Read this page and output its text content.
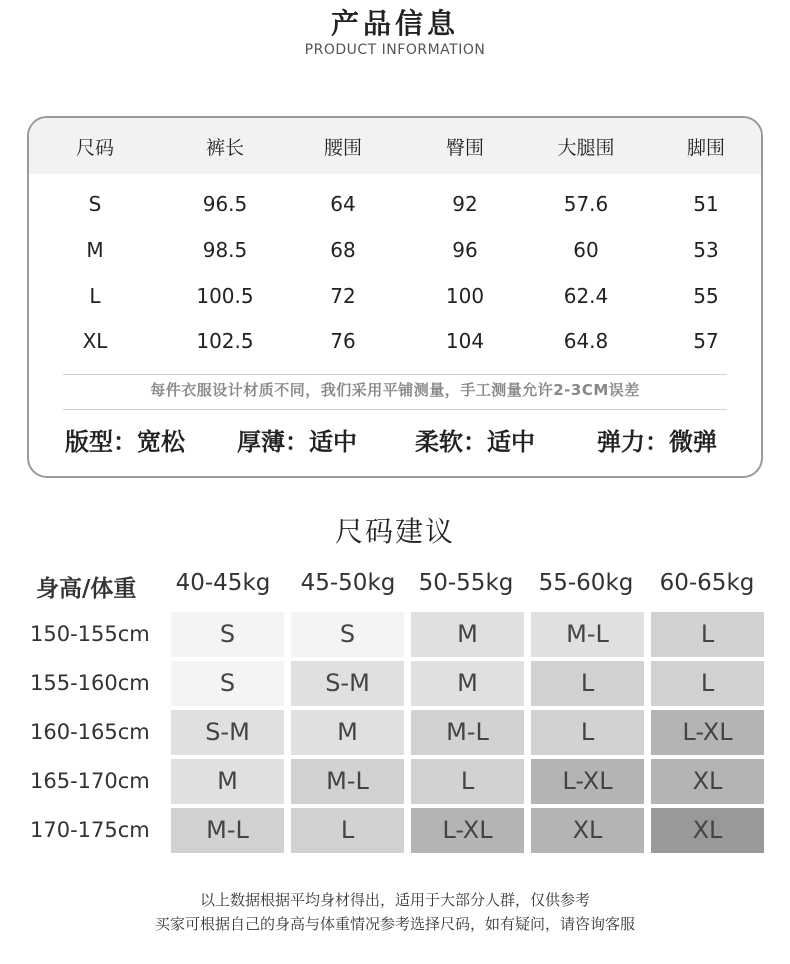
产品信息
PRODUCT INFORMATION
尺码	裤长	腰围	臀围	大腿围	脚围
S	96.5	64	92	57.6	51
M	98.5	68	96	60	53
L	100.5	72	100	62.4	55
XL	102.5	76	104	64.8	57
每件衣服设计材质不同，我们采用平铺测量，手工测量允许2-3CM误差
版型：宽松 厚薄：适中 柔软：适中	弹力：微弹
尺码建议
身高/体重	40-45kg	45-50kg	50-55kg	55-60kg	60-65kg
150-155cm	S	S	M	M-L	L
155-160cm	S	S-M	M	L	L
160-165cm	S-M	M	M-L	L	L-XL
165-170cm	M	M-L	L	L-XL	XL
170-175cm	M-L	L	L-XL	XL	XL
以上数据根据平均身材得出，适用于大部分人群，仅供参考
买家可根据自己的身高与体重情况参考选择尺码，如有疑问，请咨询客服
